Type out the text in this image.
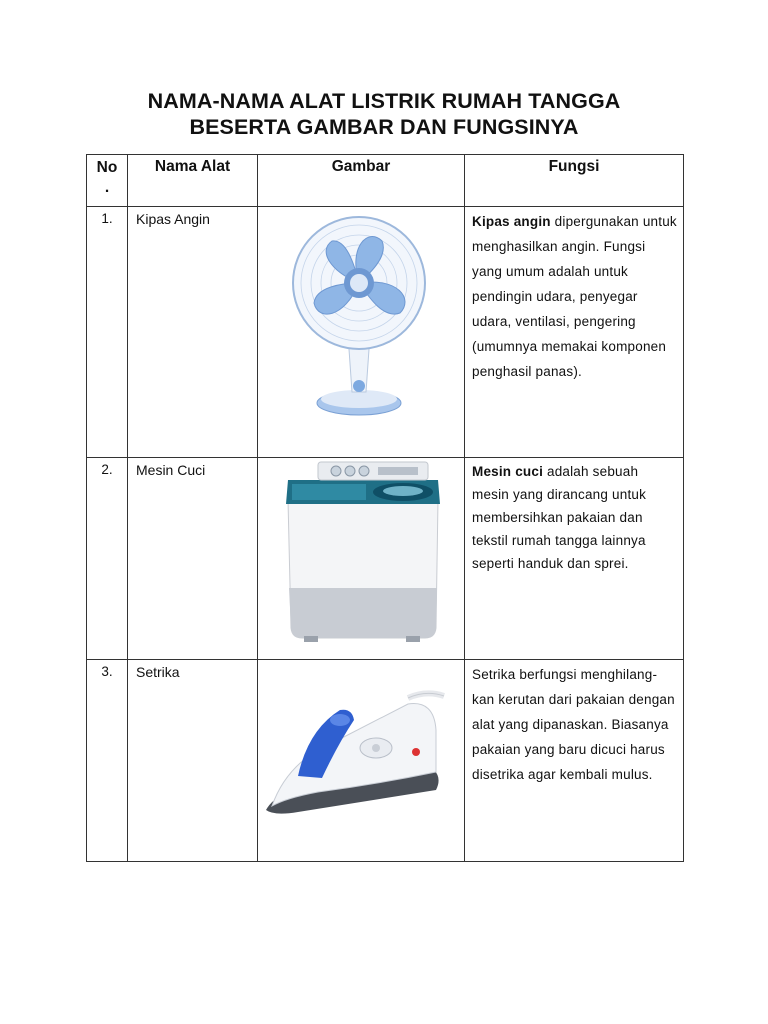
NAMA-NAMA ALAT LISTRIK RUMAH TANGGA
BESERTA GAMBAR DAN FUNGSINYA
No
.	Nama Alat	Gambar	Fungsi
1.	Kipas Angin		Kipas angin dipergunakan untuk menghasilkan angin. Fungsi yang umum adalah untuk pendingin udara, penyegar udara, ventilasi, pengering (umumnya memakai komponen penghasil panas).
2.	Mesin Cuci		Mesin cuci adalah sebuah mesin yang dirancang untuk membersihkan pakaian dan tekstil rumah tangga lainnya seperti handuk dan sprei.
3.	Setrika		Setrika berfungsi menghilang-kan kerutan dari pakaian dengan alat yang dipanaskan. Biasanya pakaian yang baru dicuci harus disetrika agar kembali mulus.
